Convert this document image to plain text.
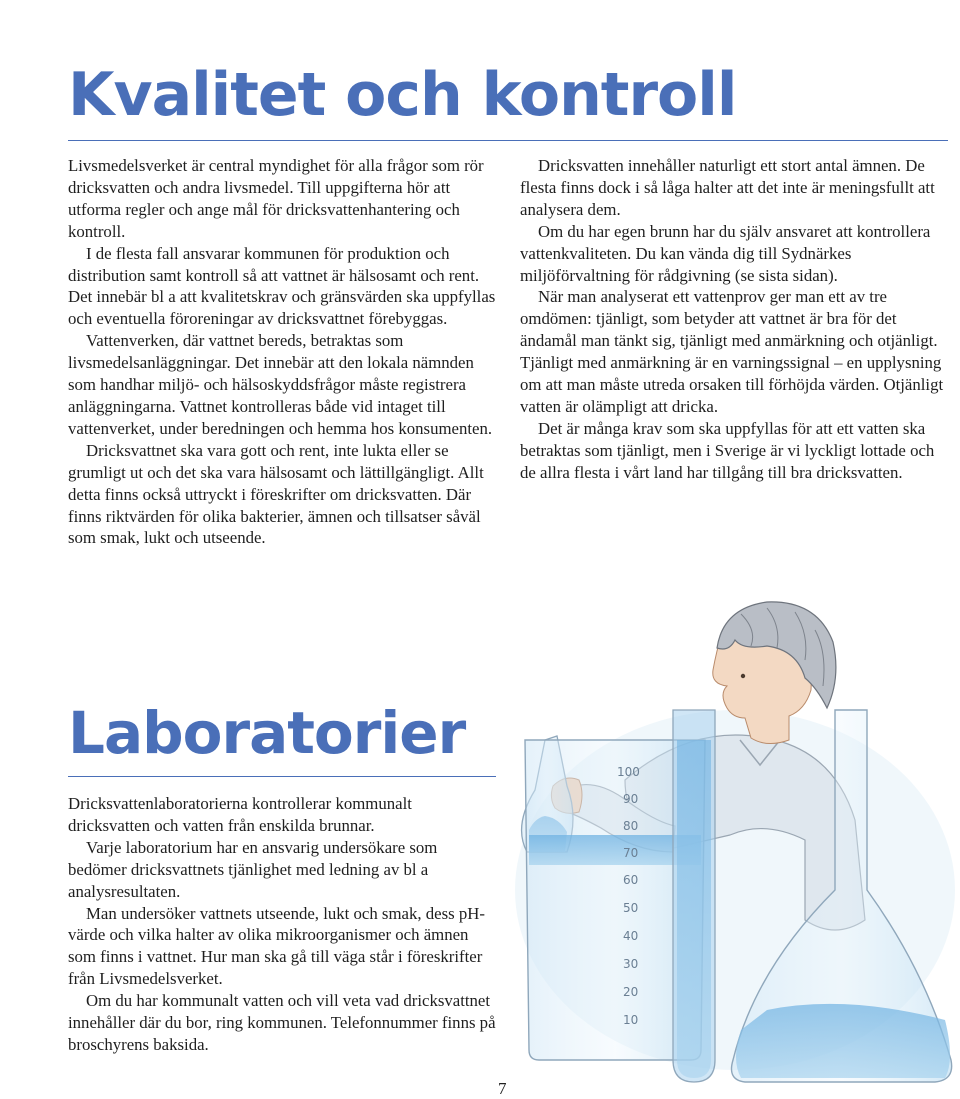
Kvalitet och kontroll

Livsmedelsverket är central myndighet för alla frågor som rör dricksvatten och andra livsmedel. Till uppgifterna hör att utforma regler och ange mål för dricksvattenhantering och kontroll.

I de flesta fall ansvarar kommunen för produktion och distribution samt kontroll så att vattnet är hälsosamt och rent. Det innebär bl a att kvalitetskrav och gränsvärden ska uppfyllas och eventuella föroreningar av dricksvattnet förebyggas.

Vattenverken, där vattnet bereds, betraktas som livsmedelsanläggningar. Det innebär att den lokala nämnden som handhar miljö- och hälsoskyddsfrågor måste registrera anläggningarna. Vattnet kontrolleras både vid intaget till vattenverket, under beredningen och hemma hos konsumenten.

Dricksvattnet ska vara gott och rent, inte lukta eller se grumligt ut och det ska vara hälsosamt och lättillgängligt. Allt detta finns också uttryckt i föreskrifter om dricksvatten. Där finns riktvärden för olika bakterier, ämnen och tillsatser såväl som smak, lukt och utseende.

Dricksvatten innehåller naturligt ett stort antal ämnen. De flesta finns dock i så låga halter att det inte är meningsfullt att analysera dem.

Om du har egen brunn har du själv ansvaret att kontrollera vattenkvaliteten. Du kan vända dig till Sydnärkes miljöförvaltning för rådgivning (se sista sidan).

När man analyserat ett vattenprov ger man ett av tre omdömen: tjänligt, som betyder att vattnet är bra för det ändamål man tänkt sig, tjänligt med anmärkning och otjänligt. Tjänligt med anmärkning är en varningssignal – en upplysning om att man måste utreda orsaken till förhöjda värden. Otjänligt vatten är olämpligt att dricka.

Det är många krav som ska uppfyllas för att ett vatten ska betraktas som tjänligt, men i Sverige är vi lyckligt lottade och de allra flesta i vårt land har tillgång till bra dricksvatten.

Laboratorier

Dricksvattenlaboratorierna kontrollerar kommunalt dricksvatten och vatten från enskilda brunnar.

Varje laboratorium har en ansvarig undersökare som bedömer dricksvattnets tjänlighet med ledning av bl a analysresultaten.

Man undersöker vattnets utseende, lukt och smak, dess pH-värde och vilka halter av olika mikroorganismer och ämnen som finns i vattnet. Hur man ska gå till väga står i föreskrifter från Livsmedelsverket.

Om du har kommunalt vatten och vill veta vad dricksvattnet innehåller där du bor, ring kommunen. Telefonnummer finns på broschyrens baksida.

100
90
80
70
60
50
40
30
20
10
7
